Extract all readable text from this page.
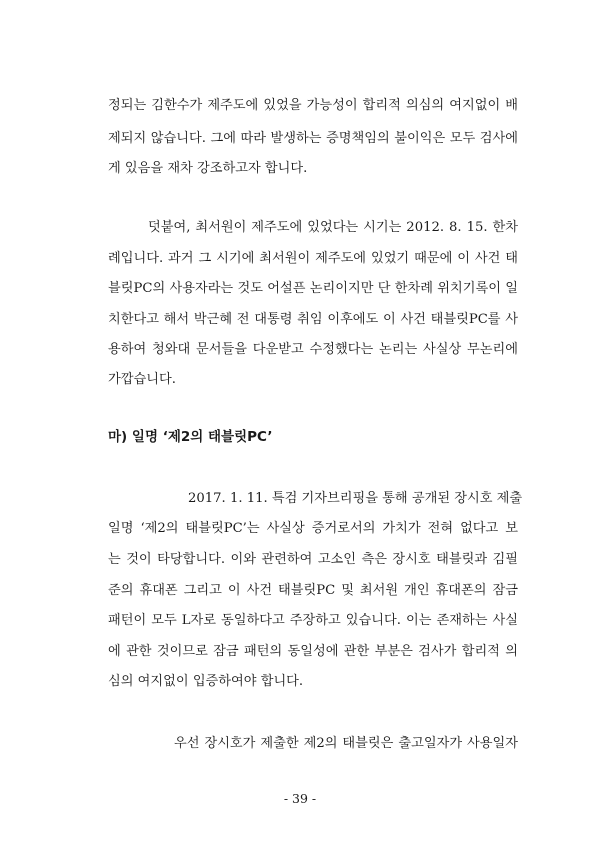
정되는 김한수가 제주도에 있었을 가능성이 합리적 의심의 여지없이 배
제되지 않습니다. 그에 따라 발생하는 증명책임의 불이익은 모두 검사에
게 있음을 재차 강조하고자 합니다.
덧붙여, 최서원이 제주도에 있었다는 시기는 2012. 8. 15. 한차
례입니다. 과거 그 시기에 최서원이 제주도에 있었기 때문에 이 사건 태
블릿PC의 사용자라는 것도 어설픈 논리이지만 단 한차례 위치기록이 일
치한다고 해서 박근혜 전 대통령 취임 이후에도 이 사건 태블릿PC를 사
용하여 청와대 문서들을 다운받고 수정했다는 논리는 사실상 무논리에
가깝습니다.
마) 일명 ‘제2의 태블릿PC’
2017. 1. 11. 특검 기자브리핑을 통해 공개된 장시호 제출
일명 ‘제2의 태블릿PC’는 사실상 증거로서의 가치가 전혀 없다고 보
는 것이 타당합니다. 이와 관련하여 고소인 측은 장시호 태블릿과 김필
준의 휴대폰 그리고 이 사건 태블릿PC 및 최서원 개인 휴대폰의 잠금
패턴이 모두 L자로 동일하다고 주장하고 있습니다. 이는 존재하는 사실
에 관한 것이므로 잠금 패턴의 동일성에 관한 부분은 검사가 합리적 의
심의 여지없이 입증하여야 합니다.
우선 장시호가 제출한 제2의 태블릿은 출고일자가 사용일자
- 39 -
